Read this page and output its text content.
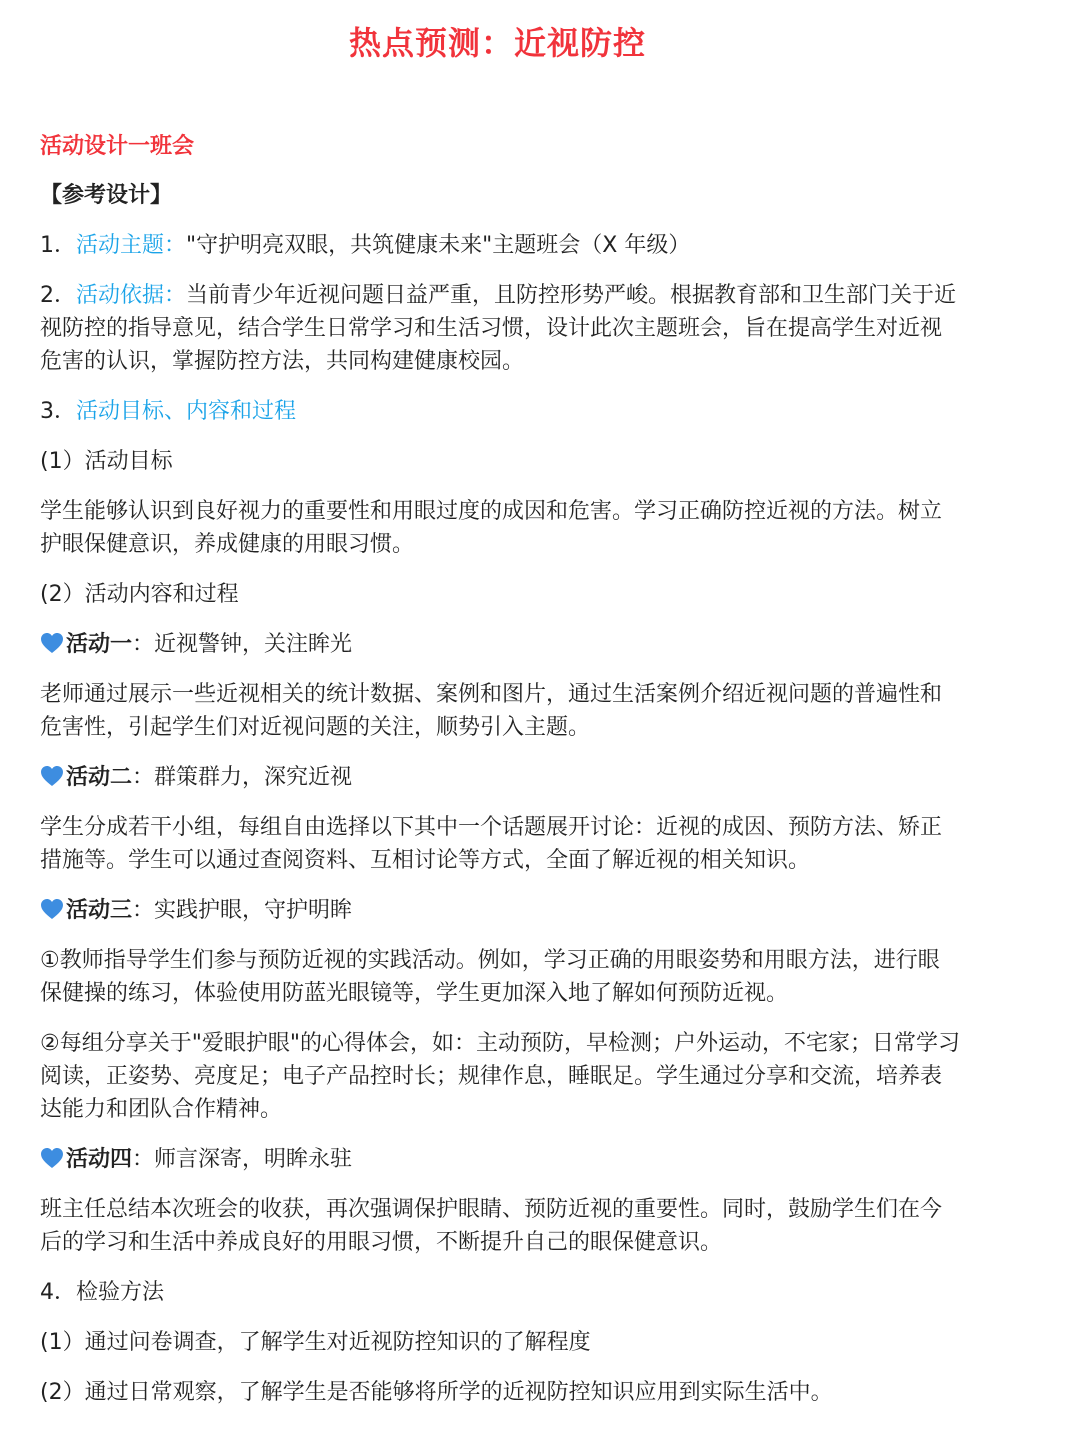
热点预测：近视防控

活动设计一班会

【参考设计】

1．活动主题："守护明亮双眼，共筑健康未来"主题班会（X 年级）

2．活动依据：当前青少年近视问题日益严重，且防控形势严峻。根据教育部和卫生部门关于近视防控的指导意见，结合学生日常学习和生活习惯，设计此次主题班会，旨在提高学生对近视危害的认识，掌握防控方法，共同构建健康校园。

3．活动目标、内容和过程

(1）活动目标

学生能够认识到良好视力的重要性和用眼过度的成因和危害。学习正确防控近视的方法。树立护眼保健意识，养成健康的用眼习惯。

(2）活动内容和过程

活动一：近视警钟，关注眸光

老师通过展示一些近视相关的统计数据、案例和图片，通过生活案例介绍近视问题的普遍性和危害性，引起学生们对近视问题的关注，顺势引入主题。

活动二：群策群力，深究近视

学生分成若干小组，每组自由选择以下其中一个话题展开讨论：近视的成因、预防方法、矫正措施等。学生可以通过查阅资料、互相讨论等方式，全面了解近视的相关知识。

活动三：实践护眼，守护明眸

①教师指导学生们参与预防近视的实践活动。例如，学习正确的用眼姿势和用眼方法，进行眼保健操的练习，体验使用防蓝光眼镜等，学生更加深入地了解如何预防近视。

②每组分享关于"爱眼护眼"的心得体会，如：主动预防，早检测；户外运动，不宅家；日常学习阅读，正姿势、亮度足；电子产品控时长；规律作息，睡眠足。学生通过分享和交流，培养表达能力和团队合作精神。

活动四：师言深寄，明眸永驻

班主任总结本次班会的收获，再次强调保护眼睛、预防近视的重要性。同时，鼓励学生们在今后的学习和生活中养成良好的用眼习惯，不断提升自己的眼保健意识。

4．检验方法

(1）通过问卷调查，了解学生对近视防控知识的了解程度

(2）通过日常观察，了解学生是否能够将所学的近视防控知识应用到实际生活中。
